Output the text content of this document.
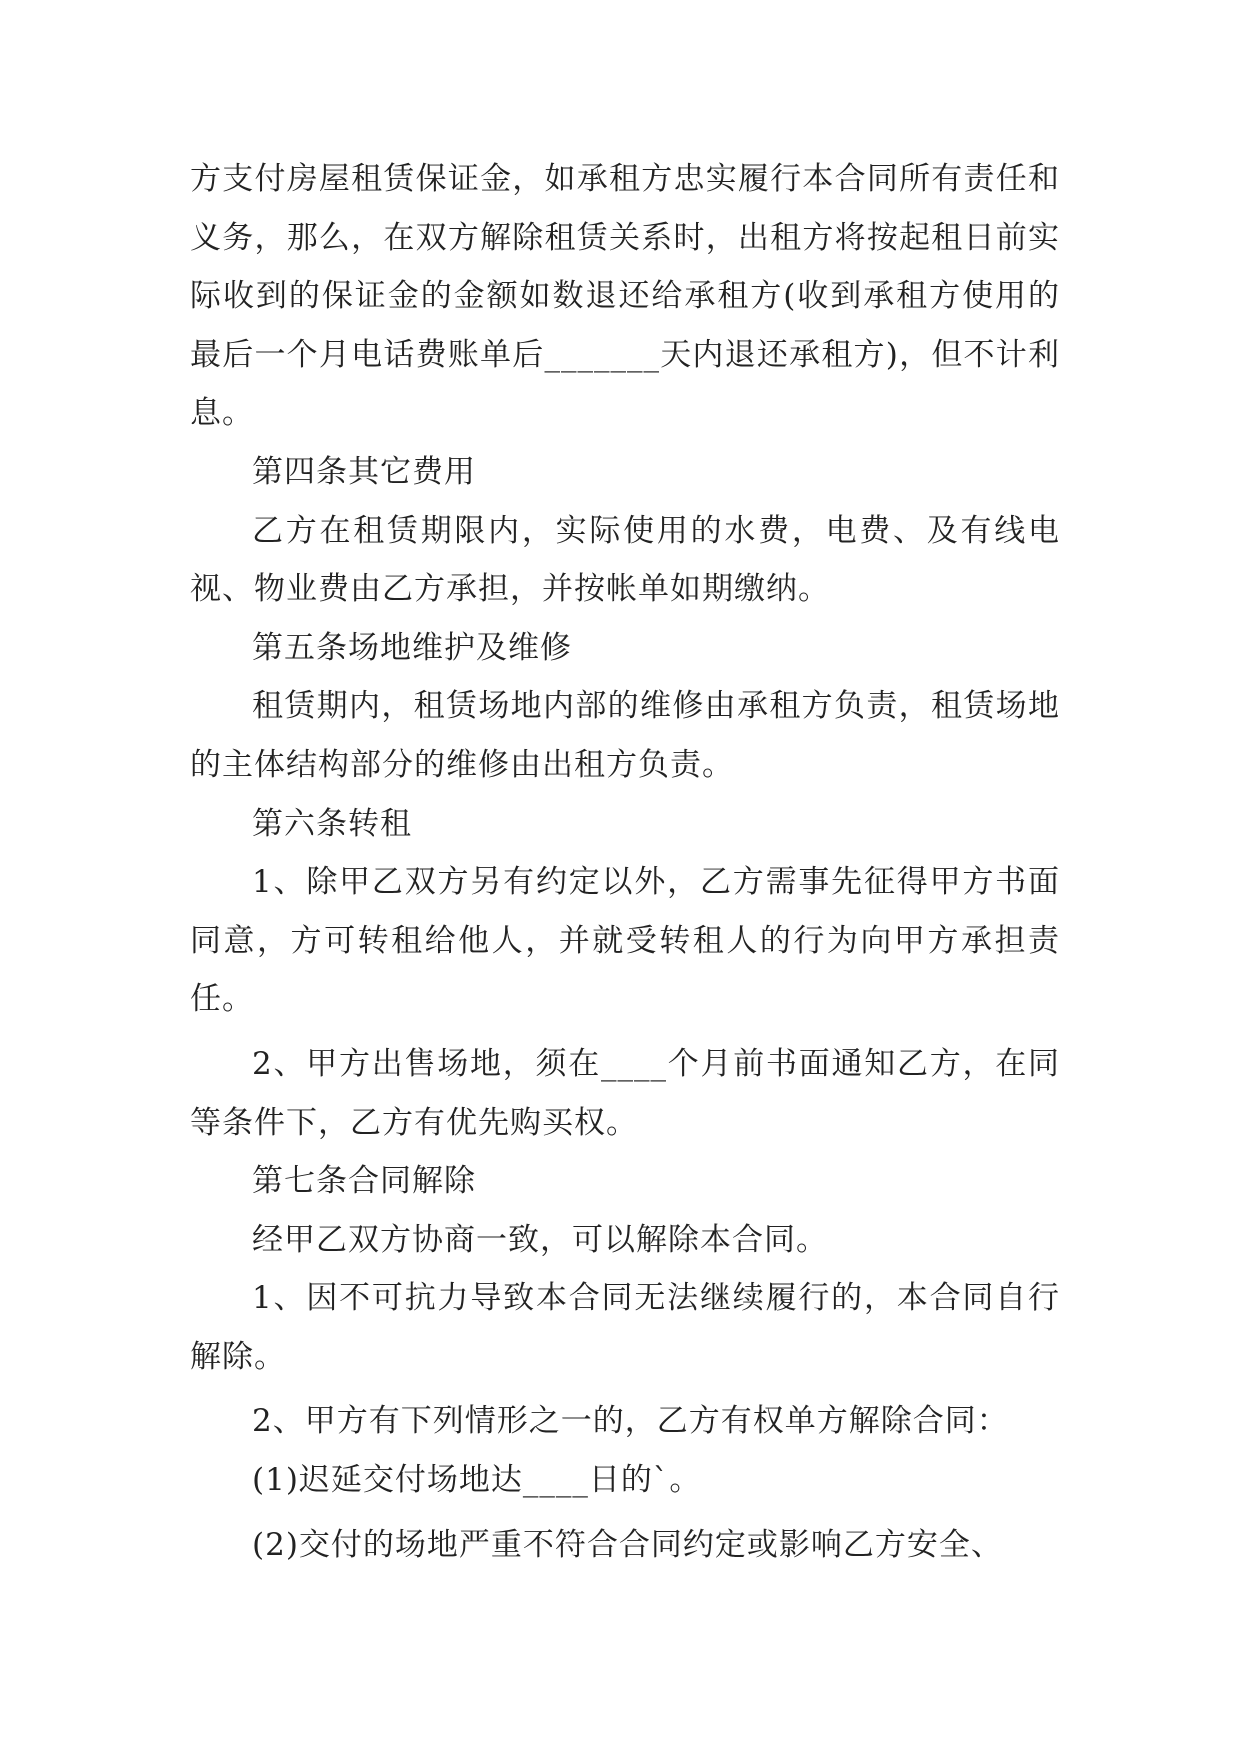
方支付房屋租赁保证金，如承租方忠实履行本合同所有责任和义务，那么，在双方解除租赁关系时，出租方将按起租日前实际收到的保证金的金额如数退还给承租方(收到承租方使用的最后一个月电话费账单后_______天内退还承租方)，但不计利息。

第四条其它费用

乙方在租赁期限内，实际使用的水费，电费、及有线电视、物业费由乙方承担，并按帐单如期缴纳。

第五条场地维护及维修

租赁期内，租赁场地内部的维修由承租方负责，租赁场地的主体结构部分的维修由出租方负责。

第六条转租

1、除甲乙双方另有约定以外，乙方需事先征得甲方书面同意，方可转租给他人，并就受转租人的行为向甲方承担责任。

2、甲方出售场地，须在____个月前书面通知乙方，在同等条件下，乙方有优先购买权。

第七条合同解除

经甲乙双方协商一致，可以解除本合同。

1、因不可抗力导致本合同无法继续履行的，本合同自行解除。

2、甲方有下列情形之一的，乙方有权单方解除合同：

(1)迟延交付场地达____日的`。

(2)交付的场地严重不符合合同约定或影响乙方安全、
